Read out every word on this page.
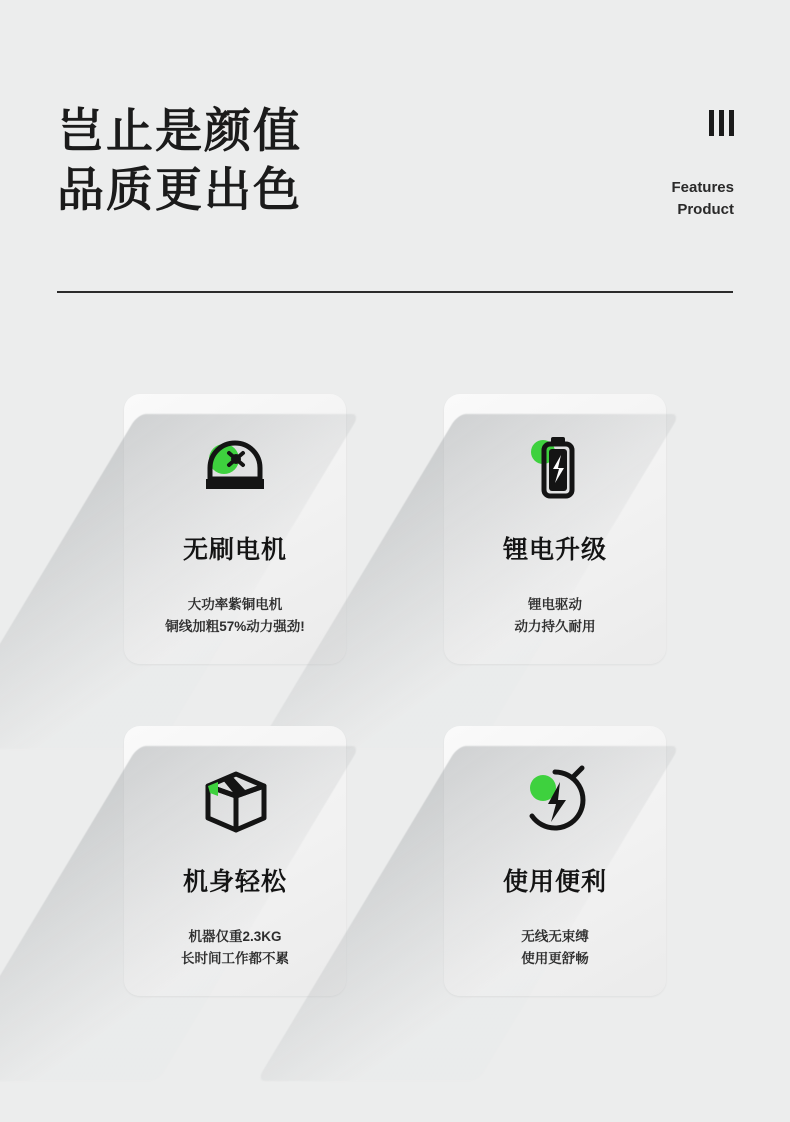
岂止是颜值
品质更出色	Features
Product
无刷电机
大功率紫铜电机
铜线加粗57%动力强劲!
锂电升级
锂电驱动
动力持久耐用
机身轻松
机器仅重2.3KG
长时间工作都不累
使用便利
无线无束缚
使用更舒畅
